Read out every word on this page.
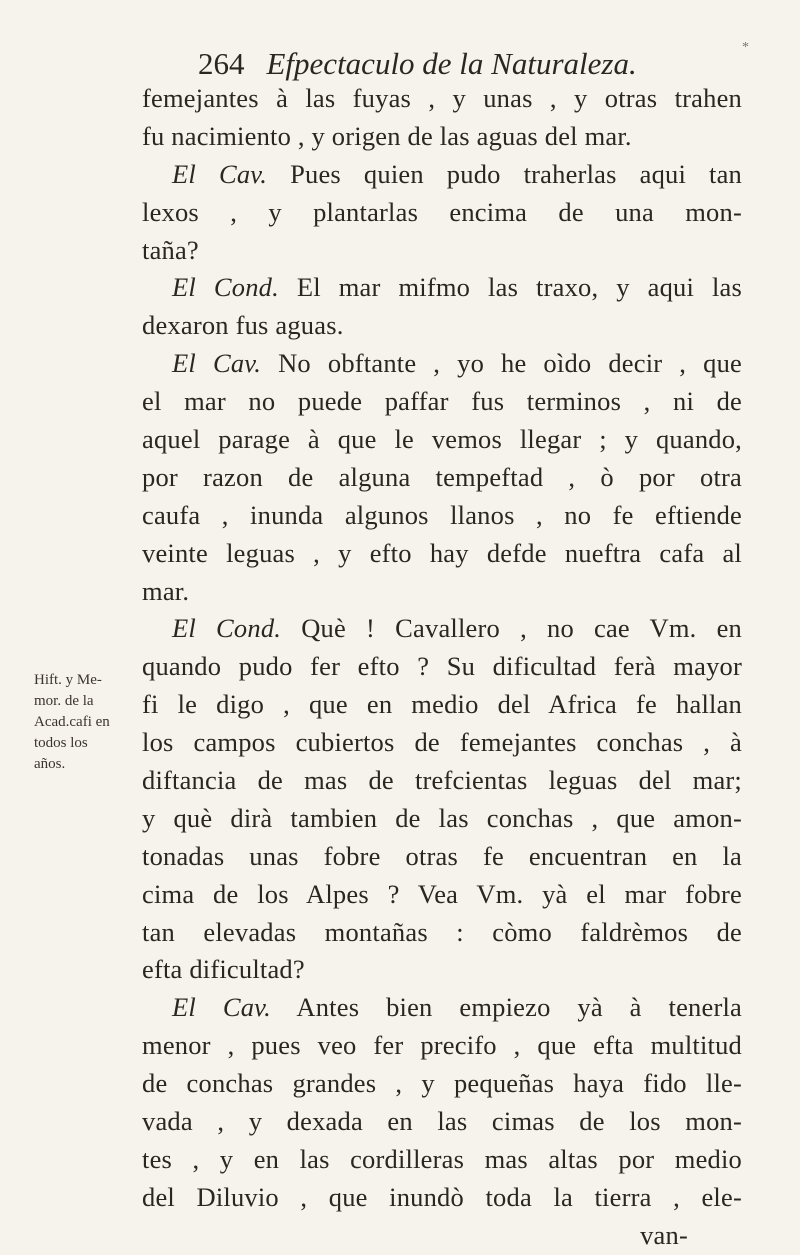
264 Efpectaculo de la Naturaleza.	*
Hift. y Me-
mor. de la
Acad.cafi en
todos los
años.
femejantes à las fuyas , y unas , y otras trahen
fu nacimiento , y origen de las aguas del mar.
El Cav. Pues quien pudo traherlas aqui tan
lexos , y plantarlas encima de una mon-
taña?
El Cond. El mar mifmo las traxo, y aqui las
dexaron fus aguas.
El Cav. No obftante , yo he oìdo decir , que
el mar no puede paffar fus terminos , ni de
aquel parage à que le vemos llegar ; y quando,
por razon de alguna tempeftad , ò por otra
caufa , inunda algunos llanos , no fe eftiende
veinte leguas , y efto hay defde nueftra cafa al
mar.
El Cond. Què ! Cavallero , no cae Vm. en
quando pudo fer efto ? Su dificultad ferà mayor
fi le digo , que en medio del Africa fe hallan
los campos cubiertos de femejantes conchas , à
diftancia de mas de trefcientas leguas del mar;
y què dirà tambien de las conchas , que amon-
tonadas unas fobre otras fe encuentran en la
cima de los Alpes ? Vea Vm. yà el mar fobre
tan elevadas montañas : còmo faldrèmos de
efta dificultad?
El Cav. Antes bien empiezo yà à tenerla
menor , pues veo fer precifo , que efta multitud
de conchas grandes , y pequeñas haya fido lle-
vada , y dexada en las cimas de los mon-
tes , y en las cordilleras mas altas por medio
del Diluvio , que inundò toda la tierra , ele-
van-
